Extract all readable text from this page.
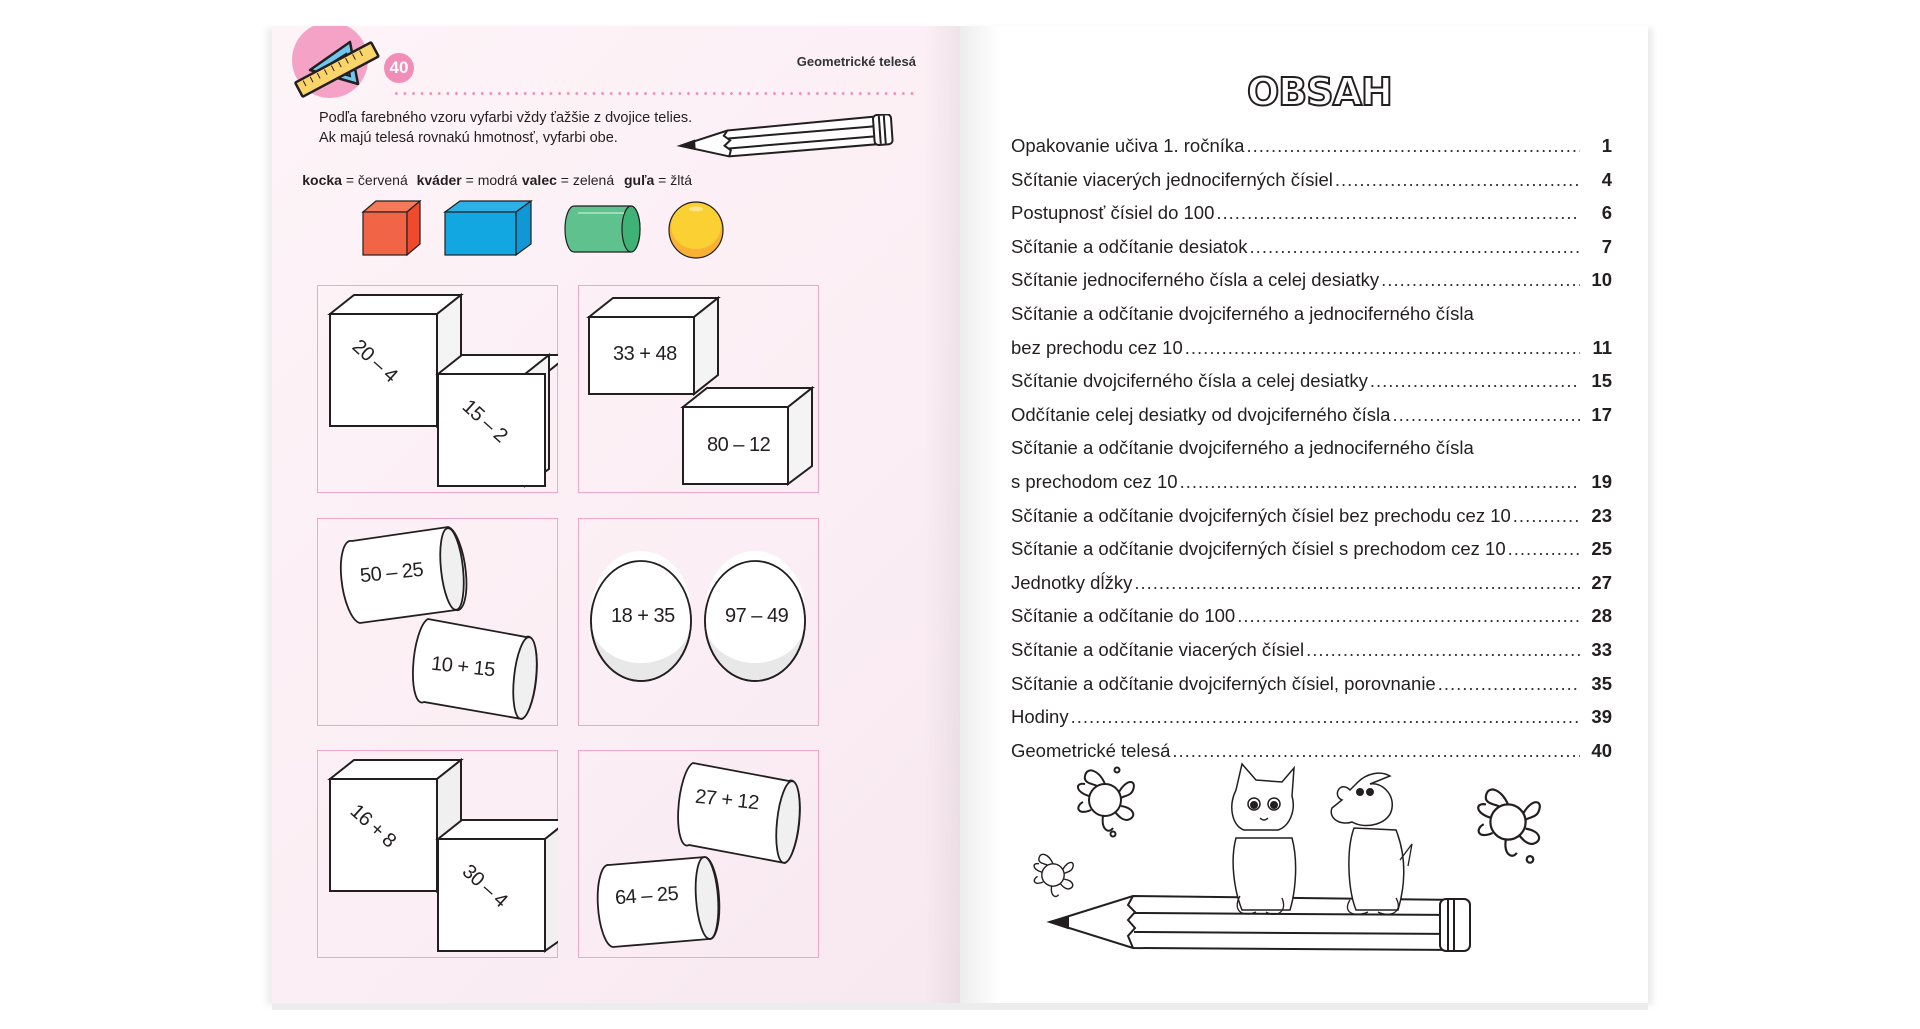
40	Geometrické telesá
Podľa farebného vzoru vyfarbi vždy ťažšie z dvojice telies.
Ak majú telesá rovnakú hmotnosť, vyfarbi obe.
kocka = červená kváder = modrá valec = zelená guľa = žltá
20 – 4
15 – 2
33 + 48
80 – 12
50 – 25
10 + 15
18 + 35	97 – 49
16 + 8
30 – 4
27 + 12
64 – 25
OBSAH
Opakovanie učiva 1. ročníka .....	1
Sčítanie viacerých jednociferných čísiel .....	4
Postupnosť čísiel do 100 .....	6
Sčítanie a odčítanie desiatok .....	7
Sčítanie jednociferného čísla a celej desiatky .....	10
Sčítanie a odčítanie dvojciferného a jednociferného čísla
bez prechodu cez 10 .....	11
Sčítanie dvojciferného čísla a celej desiatky .....	15
Odčítanie celej desiatky od dvojciferného čísla .....	17
Sčítanie a odčítanie dvojciferného a jednociferného čísla
s prechodom cez 10 .....	19
Sčítanie a odčítanie dvojciferných čísiel bez prechodu cez 10 .....	23
Sčítanie a odčítanie dvojciferných čísiel s prechodom cez 10 .....	25
Jednotky dĺžky .....	27
Sčítanie a odčítanie do 100 .....	28
Sčítanie a odčítanie viacerých čísiel .....	33
Sčítanie a odčítanie dvojciferných čísiel, porovnanie .....	35
Hodiny .....	39
Geometrické telesá .....	40
